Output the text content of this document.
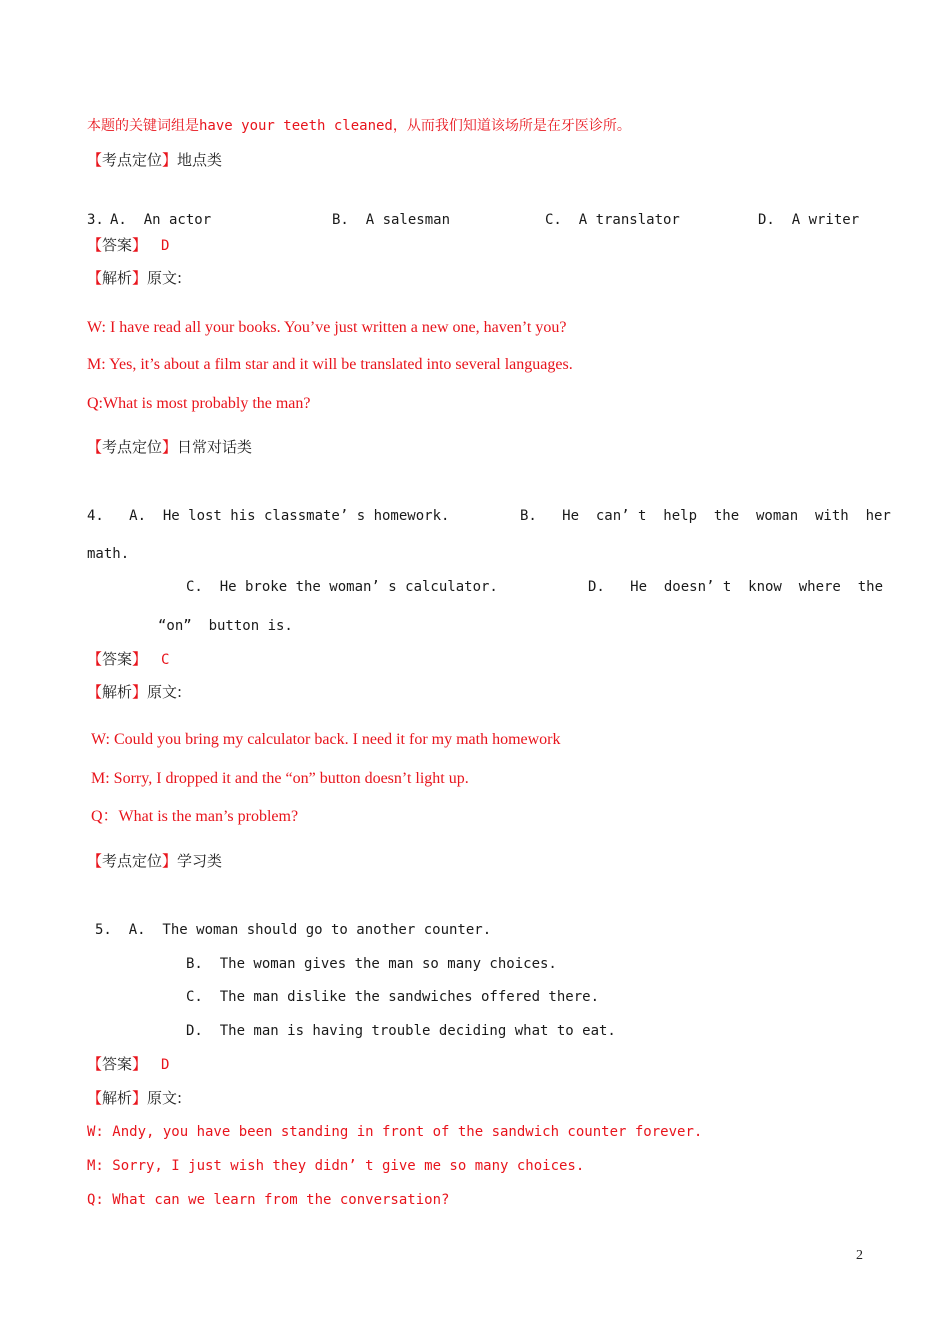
本题的关键词组是have your teeth cleaned，从而我们知道该场所是在牙医诊所。
【考点定位】地点类
3. A.  An actor	B.  A salesman	C.  A translator	D.  A writer
【答案】 D
【解析】原文:
W: I have read all your books. You’ve just written a new one, haven’t you?
M: Yes, it’s about a film star and it will be translated into several languages.
Q:What is most probably the man?
【考点定位】日常对话类
4.   A.  He lost his classmate’ s homework.	B.   He  can’ t  help  the  woman  with  her
math.
C.  He broke the woman’ s calculator.	D.   He  doesn’ t  know  where  the
“on”  button is.
【答案】 C
【解析】原文:
W: Could you bring my calculator back. I need it for my math homework
M: Sorry, I dropped it and the “on” button doesn’t light up.
Q：What is the man’s problem?
【考点定位】学习类
5.  A.  The woman should go to another counter.
B.  The woman gives the man so many choices.
C.  The man dislike the sandwiches offered there.
D.  The man is having trouble deciding what to eat.
【答案】 D
【解析】原文:
W: Andy, you have been standing in front of the sandwich counter forever.
M: Sorry, I just wish they didn’ t give me so many choices.
Q: What can we learn from the conversation?
2
